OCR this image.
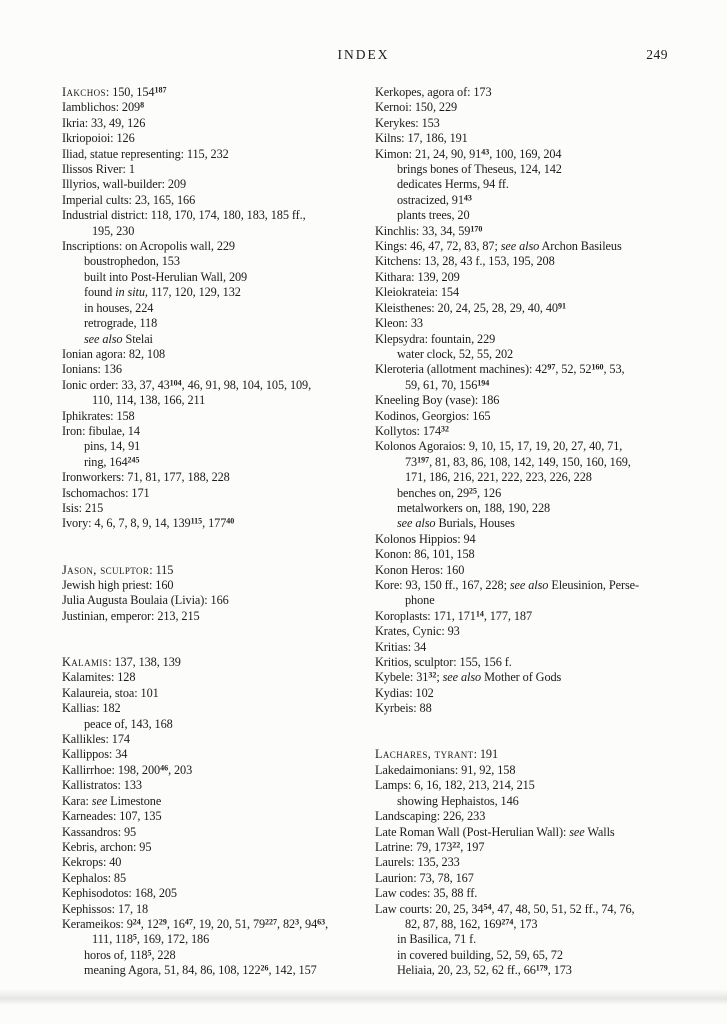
INDEX	249
Iakchos: 150, $154^{187}$
Iamblichos: $209^8$
Ikria: 33, 49, 126
Ikriopoioi: 126
Iliad, statue representing: 115, 232
Ilissos River: 1
Illyrios, wall-builder: 209
Imperial cults: 23, 165, 166
Industrial district: 118, 170, 174, 180, 183, 185 ff.,
195, 230
Inscriptions: on Acropolis wall, 229
boustrophedon, 153
built into Post-Herulian Wall, 209
found in situ, 117, 120, 129, 132
in houses, 224
retrograde, 118
see also Stelai
Ionian agora: 82, 108
Ionians: 136
Ionic order: 33, 37, $43^{104}$, 46, 91, 98, 104, 105, 109,
110, 114, 138, 166, 211
Iphikrates: 158
Iron: fibulae, 14
pins, 14, 91
ring, $164^{245}$
Ironworkers: 71, 81, 177, 188, 228
Ischomachos: 171
Isis: 215
Ivory: 4, 6, 7, 8, 9, 14, $139^{115}$, $177^{40}$

Jason, sculptor: 115
Jewish high priest: 160
Julia Augusta Boulaia (Livia): 166
Justinian, emperor: 213, 215

Kalamis: 137, 138, 139
Kalamites: 128
Kalaureia, stoa: 101
Kallias: 182
peace of, 143, 168
Kallikles: 174
Kallippos: 34
Kallirrhoe: 198, $200^{46}$, 203
Kallistratos: 133
Kara: see Limestone
Karneades: 107, 135
Kassandros: 95
Kebris, archon: 95
Kekrops: 40
Kephalos: 85
Kephisodotos: 168, 205
Kephissos: 17, 18
Kerameikos: $9^{24}$, $12^{29}$, $16^{47}$, 19, 20, 51, $79^{227}$, $82^3$, $94^{63}$,
111, $118^5$, 169, 172, 186
horos of, $118^5$, 228
meaning Agora, 51, 84, 86, 108, $122^{26}$, 142, 157
Kerkopes, agora of: 173
Kernoi: 150, 229
Kerykes: 153
Kilns: 17, 186, 191
Kimon: 21, 24, 90, $91^{43}$, 100, 169, 204
brings bones of Theseus, 124, 142
dedicates Herms, 94 ff.
ostracized, $91^{43}$
plants trees, 20
Kinchlis: 33, 34, $59^{170}$
Kings: 46, 47, 72, 83, 87; see also Archon Basileus
Kitchens: 13, 28, 43 f., 153, 195, 208
Kithara: 139, 209
Kleiokrateia: 154
Kleisthenes: 20, 24, 25, 28, 29, 40, $40^{91}$
Kleon: 33
Klepsydra: fountain, 229
water clock, 52, 55, 202
Kleroteria (allotment machines): $42^{97}$, 52, $52^{160}$, 53,
59, 61, 70, $156^{194}$
Kneeling Boy (vase): 186
Kodinos, Georgios: 165
Kollytos: $174^{32}$
Kolonos Agoraios: 9, 10, 15, 17, 19, 20, 27, 40, 71,
$73^{197}$, 81, 83, 86, 108, 142, 149, 150, 160, 169,
171, 186, 216, 221, 222, 223, 226, 228
benches on, $29^{25}$, 126
metalworkers on, 188, 190, 228
see also Burials, Houses
Kolonos Hippios: 94
Konon: 86, 101, 158
Konon Heros: 160
Kore: 93, 150 ff., 167, 228; see also Eleusinion, Perse-
phone
Koroplasts: 171, $171^{14}$, 177, 187
Krates, Cynic: 93
Kritias: 34
Kritios, sculptor: 155, 156 f.
Kybele: $31^{32}$; see also Mother of Gods
Kydias: 102
Kyrbeis: 88

Lachares, tyrant: 191
Lakedaimonians: 91, 92, 158
Lamps: 6, 16, 182, 213, 214, 215
showing Hephaistos, 146
Landscaping: 226, 233
Late Roman Wall (Post-Herulian Wall): see Walls
Latrine: 79, $173^{22}$, 197
Laurels: 135, 233
Laurion: 73, 78, 167
Law codes: 35, 88 ff.
Law courts: 20, 25, $34^{54}$, 47, 48, 50, 51, 52 ff., 74, 76,
82, 87, 88, 162, $169^{274}$, 173
in Basilica, 71 f.
in covered building, 52, 59, 65, 72
Heliaia, 20, 23, 52, 62 ff., $66^{179}$, 173
